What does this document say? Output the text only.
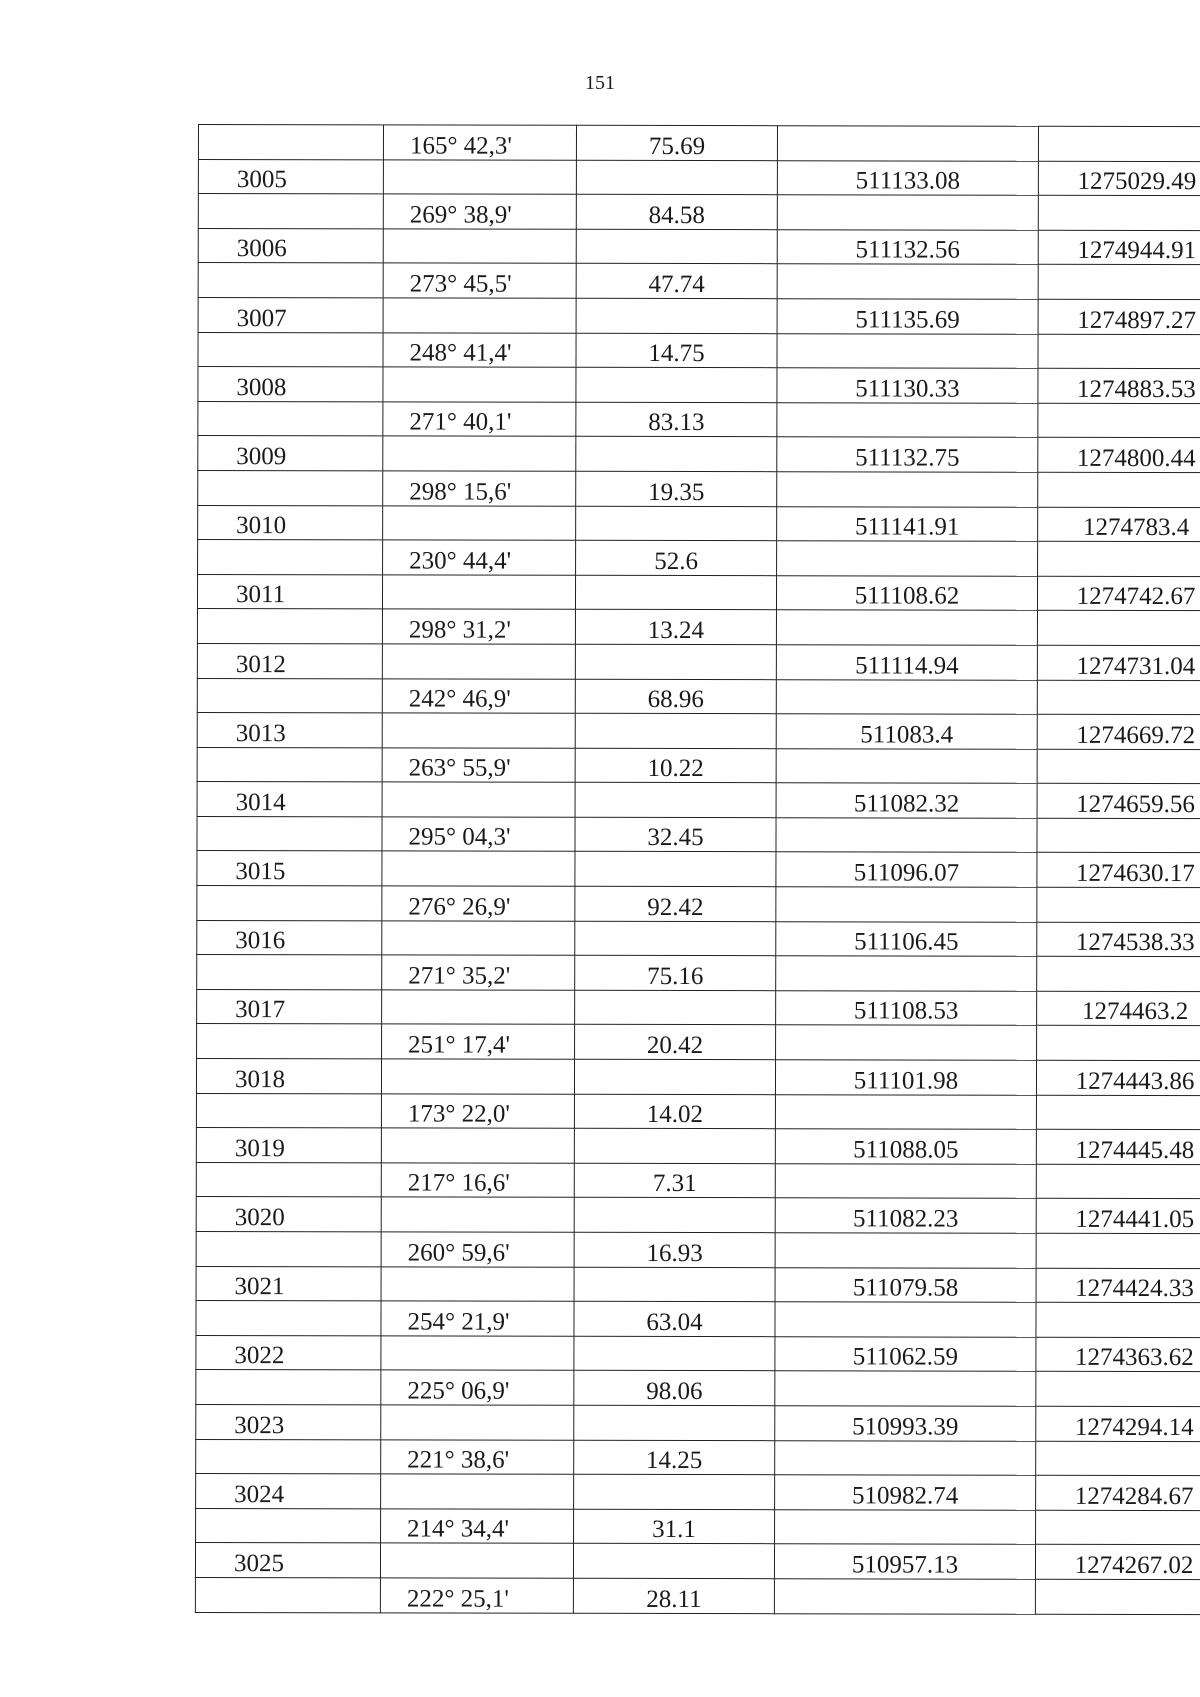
151
	165° 42,3'	75.69		
3005			511133.08	1275029.49
	269° 38,9'	84.58		
3006			511132.56	1274944.91
	273° 45,5'	47.74		
3007			511135.69	1274897.27
	248° 41,4'	14.75		
3008			511130.33	1274883.53
	271° 40,1'	83.13		
3009			511132.75	1274800.44
	298° 15,6'	19.35		
3010			511141.91	1274783.4
	230° 44,4'	52.6		
3011			511108.62	1274742.67
	298° 31,2'	13.24		
3012			511114.94	1274731.04
	242° 46,9'	68.96		
3013			511083.4	1274669.72
	263° 55,9'	10.22		
3014			511082.32	1274659.56
	295° 04,3'	32.45		
3015			511096.07	1274630.17
	276° 26,9'	92.42		
3016			511106.45	1274538.33
	271° 35,2'	75.16		
3017			511108.53	1274463.2
	251° 17,4'	20.42		
3018			511101.98	1274443.86
	173° 22,0'	14.02		
3019			511088.05	1274445.48
	217° 16,6'	7.31		
3020			511082.23	1274441.05
	260° 59,6'	16.93		
3021			511079.58	1274424.33
	254° 21,9'	63.04		
3022			511062.59	1274363.62
	225° 06,9'	98.06		
3023			510993.39	1274294.14
	221° 38,6'	14.25		
3024			510982.74	1274284.67
	214° 34,4'	31.1		
3025			510957.13	1274267.02
	222° 25,1'	28.11		
